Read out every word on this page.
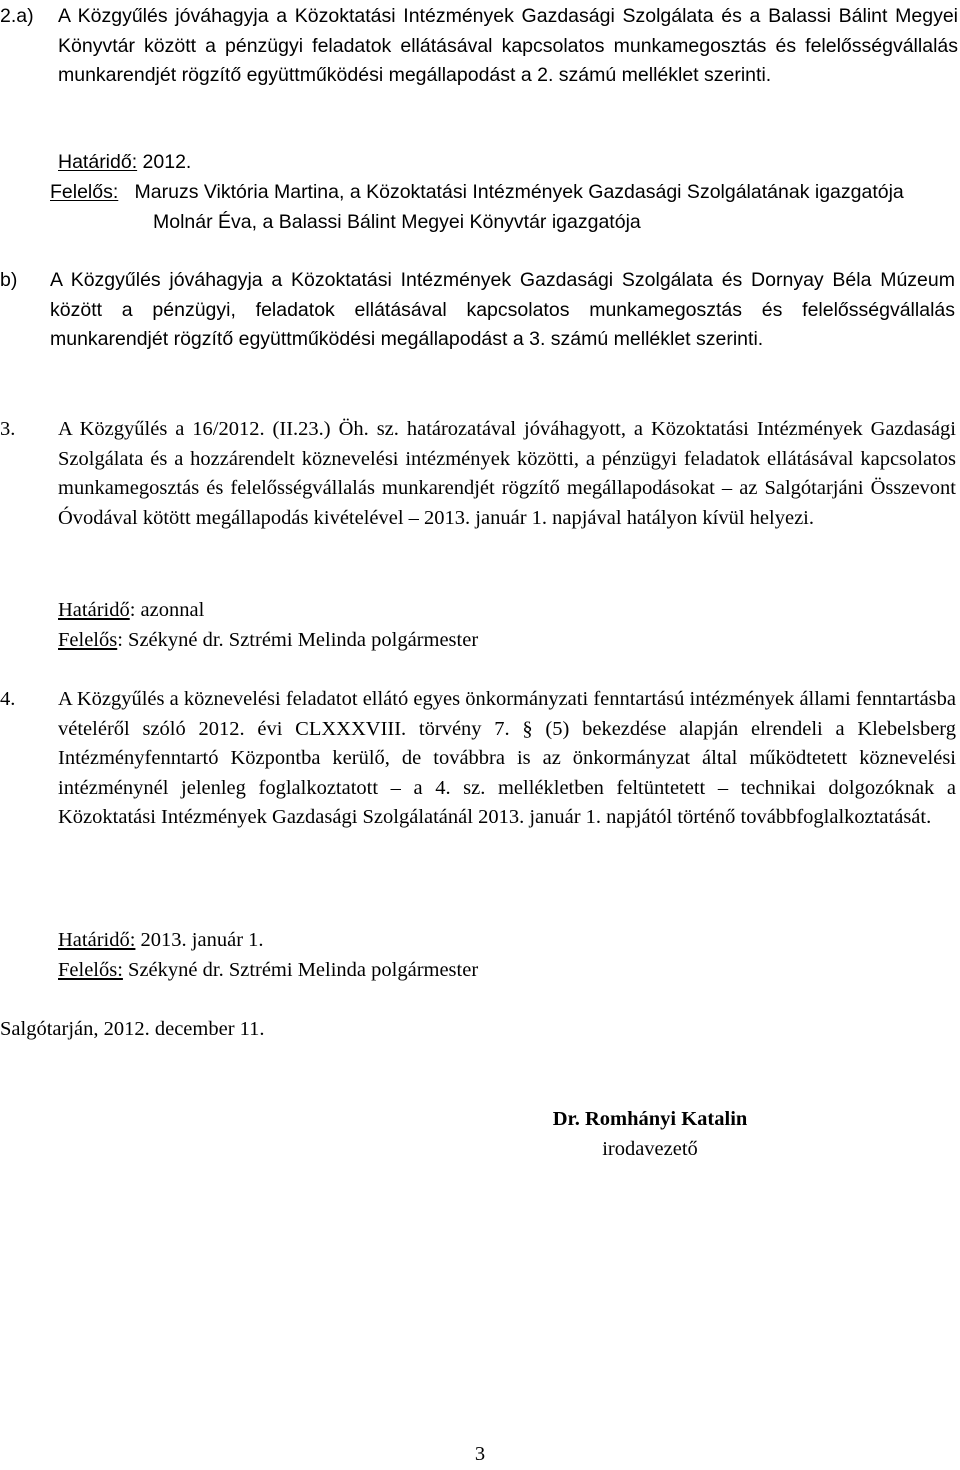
2.a) A Közgyűlés jóváhagyja a Közoktatási Intézmények Gazdasági Szolgálata és a Balassi Bálint Megyei Könyvtár között a pénzügyi feladatok ellátásával kapcsolatos munkamegosztás és felelősségvállalás munkarendjét rögzítő együttműködési megállapodást a 2. számú melléklet szerinti.
Határidő: 2012.
Felelős: Maruzs Viktória Martina, a Közoktatási Intézmények Gazdasági Szolgálatának igazgatója
Molnár Éva, a Balassi Bálint Megyei Könyvtár igazgatója
b) A Közgyűlés jóváhagyja a Közoktatási Intézmények Gazdasági Szolgálata és Dornyay Béla Múzeum között a pénzügyi, feladatok ellátásával kapcsolatos munkamegosztás és felelősségvállalás munkarendjét rögzítő együttműködési megállapodást a 3. számú melléklet szerinti.
3. A Közgyűlés a 16/2012. (II.23.) Öh. sz. határozatával jóváhagyott, a Közoktatási Intézmények Gazdasági Szolgálata és a hozzárendelt köznevelési intézmények közötti, a pénzügyi feladatok ellátásával kapcsolatos munkamegosztás és felelősségvállalás munkarendjét rögzítő megállapodásokat – az Salgótarjáni Összevont Óvodával kötött megállapodás kivételével – 2013. január 1. napjával hatályon kívül helyezi.
Határidő: azonnal
Felelős: Székyné dr. Sztrémi Melinda polgármester
4. A Közgyűlés a köznevelési feladatot ellátó egyes önkormányzati fenntartású intézmények állami fenntartásba vételéről szóló 2012. évi CLXXXVIII. törvény 7. § (5) bekezdése alapján elrendeli a Klebelsberg Intézményfenntartó Központba kerülő, de továbbra is az önkormányzat által működtetett köznevelési intézménynél jelenleg foglalkoztatott – a 4. sz. mellékletben feltüntetett – technikai dolgozóknak a Közoktatási Intézmények Gazdasági Szolgálatánál 2013. január 1. napjától történő továbbfoglalkoztatását.
Határidő: 2013. január 1.
Felelős: Székyné dr. Sztrémi Melinda polgármester
Salgótarján, 2012. december 11.
Dr. Romhányi Katalin
irodavezető
3
